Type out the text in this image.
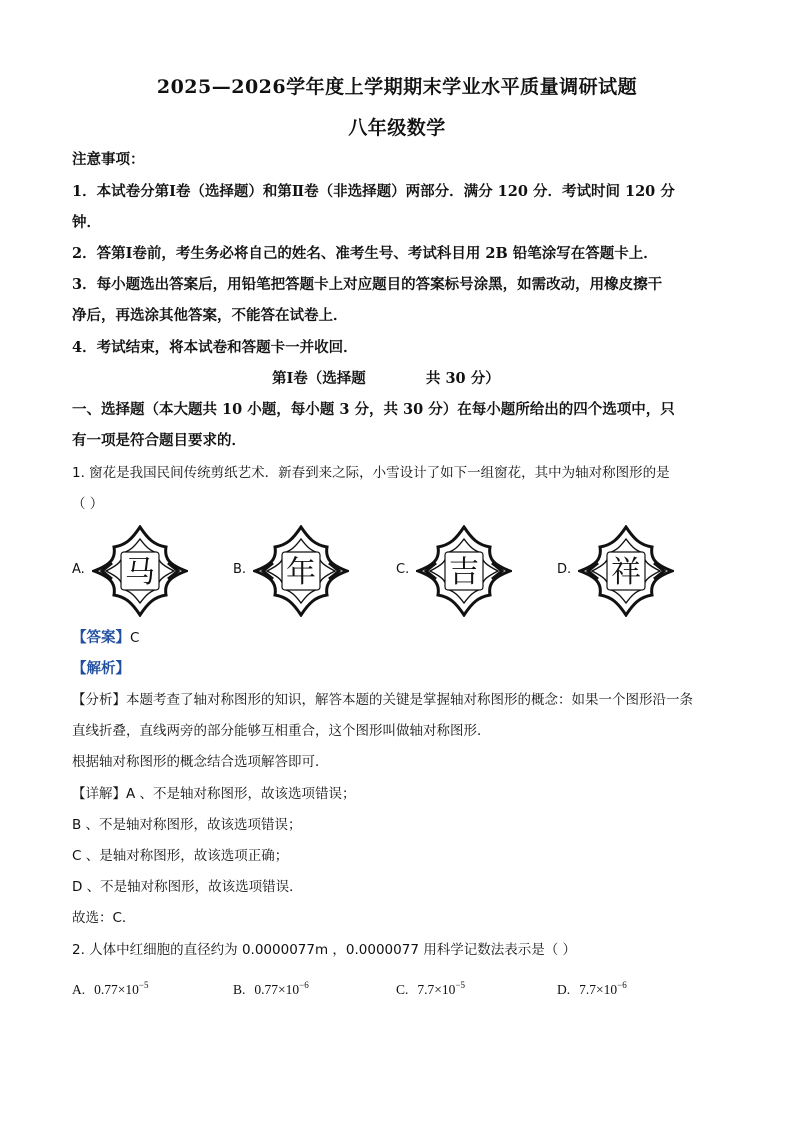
2025—2026学年度上学期期末学业水平质量调研试题
八年级数学
注意事项：
1．本试卷分第Ⅰ卷（选择题）和第Ⅱ卷（非选择题）两部分．满分 120 分．考试时间 120 分
钟．
2．答第Ⅰ卷前，考生务必将自己的姓名、准考生号、考试科目用 2B 铅笔涂写在答题卡上．
3．每小题选出答案后，用铅笔把答题卡上对应题目的答案标号涂黑，如需改动，用橡皮擦干
净后，再选涂其他答案，不能答在试卷上．
4．考试结束，将本试卷和答题卡一并收回．
第Ⅰ卷（选择题	共 30 分）
一、选择题（本大题共 10 小题，每小题 3 分，共 30 分）在每小题所给出的四个选项中，只
有一项是符合题目要求的．
1. 窗花是我国民间传统剪纸艺术．新春到来之际，小雪设计了如下一组窗花，其中为轴对称图形的是
（ ）
A. 马	B. 年	C. 吉	D. 祥
【答案】C
【解析】
【分析】本题考查了轴对称图形的知识，解答本题的关键是掌握轴对称图形的概念：如果一个图形沿一条
直线折叠，直线两旁的部分能够互相重合，这个图形叫做轴对称图形．
根据轴对称图形的概念结合选项解答即可．
【详解】A 、不是轴对称图形，故该选项错误；
B 、不是轴对称图形，故该选项错误；
C 、是轴对称图形，故该选项正确；
D 、不是轴对称图形，故该选项错误．
故选：C．
2. 人体中红细胞的直径约为 0.0000077m ，0.0000077 用科学记数法表示是（ ）
A. $0.77\times 10^{-5}$	B. $0.77\times 10^{-6}$	C. $7.7\times 10^{-5}$	D. $7.7\times 10^{-6}$
